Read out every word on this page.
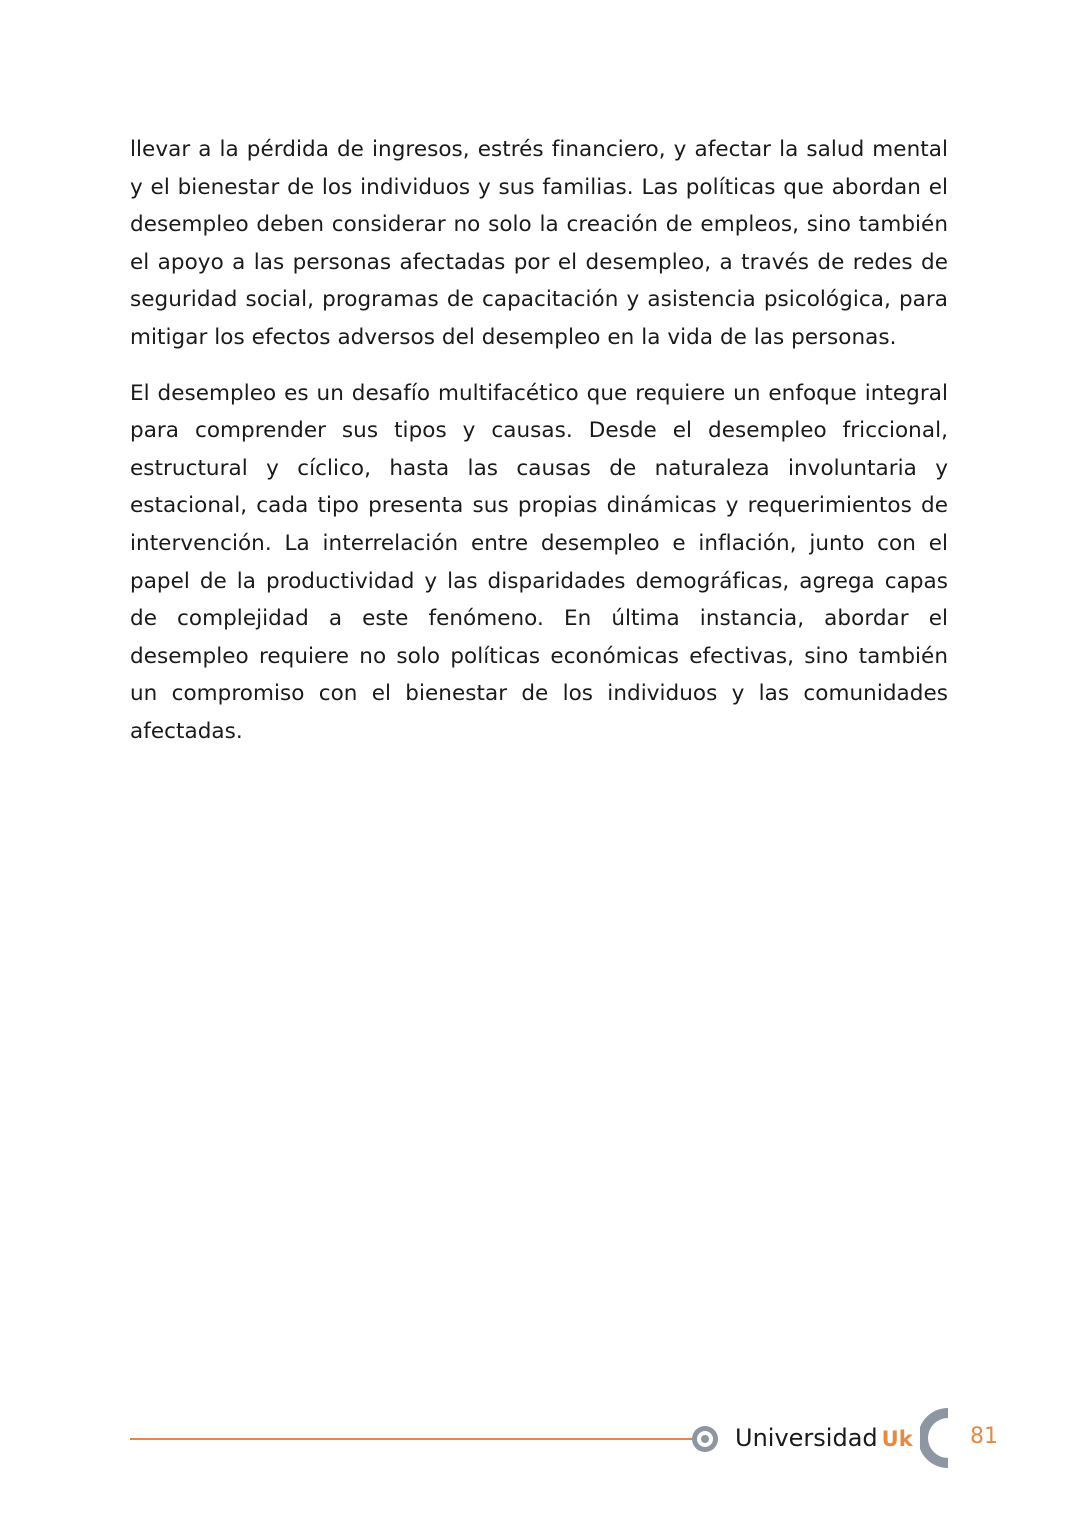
llevar a la pérdida de ingresos, estrés financiero, y afectar la salud mental y el bienestar de los individuos y sus familias. Las políticas que abordan el desempleo deben considerar no solo la creación de empleos, sino también el apoyo a las personas afectadas por el desempleo, a través de redes de seguridad social, programas de capacitación y asistencia psicológica, para mitigar los efectos adversos del desempleo en la vida de las personas.

El desempleo es un desafío multifacético que requiere un enfoque integral para comprender sus tipos y causas. Desde el desempleo friccional, estructural y cíclico, hasta las causas de naturaleza involuntaria y estacional, cada tipo presenta sus propias dinámicas y requerimientos de intervención. La interrelación entre desempleo e inflación, junto con el papel de la productividad y las disparidades demográficas, agrega capas de complejidad a este fenómeno. En última instancia, abordar el desempleo requiere no solo políticas económicas efectivas, sino también un compromiso con el bienestar de los individuos y las comunidades afectadas.

Universidad Uk	81
